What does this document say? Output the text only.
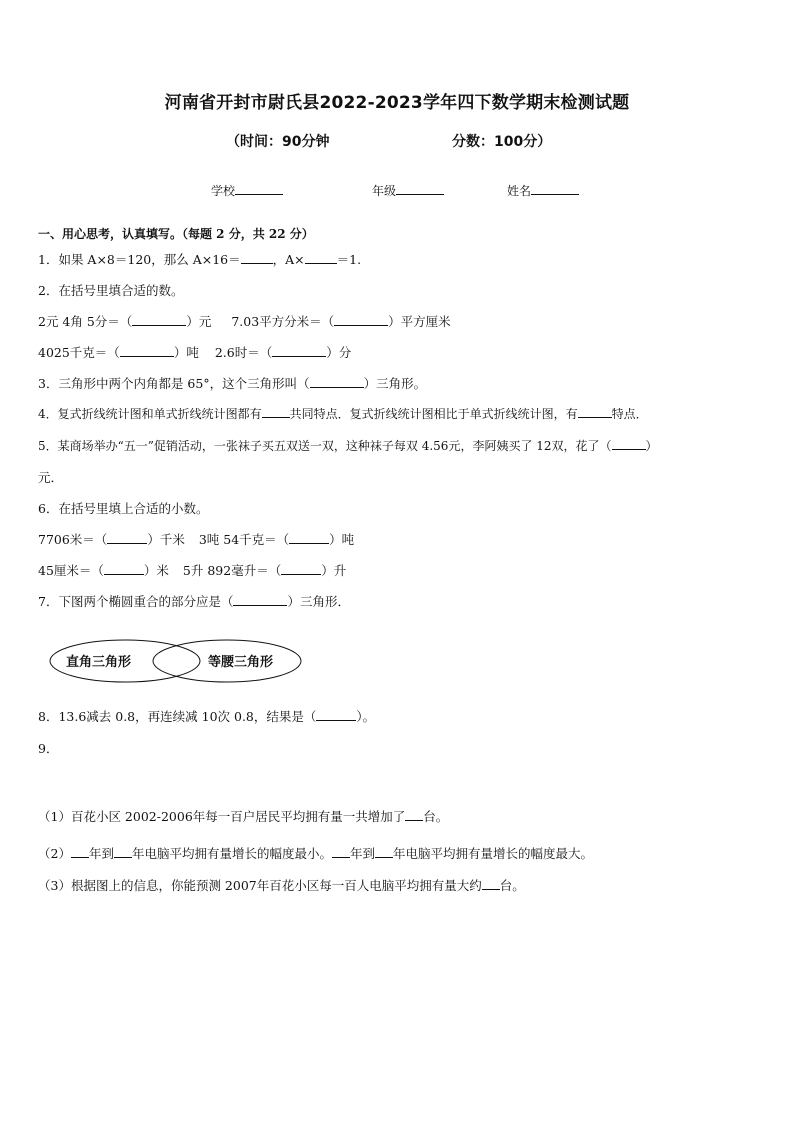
河南省开封市尉氏县2022-2023学年四下数学期末检测试题
（时间：90分钟	分数：100分）
学校	年级	姓名
一、用心思考，认真填写。（每题 2 分，共 22 分）
1．如果 A×8＝120，那么 A×16＝	，A×	＝1.
2．在括号里填合适的数。
2元 4角 5分＝（	）元 7.03平方分米＝（	）平方厘米
4025千克＝（	）吨 2.6时＝（	）分
3．三角形中两个内角都是 65°，这个三角形叫（	）三角形。
4．复式折线统计图和单式折线统计图都有 共同特点．复式折线统计图相比于单式折线统计图，有	特点．
5．某商场举办“五一”促销活动，一张袜子买五双送一双，这种袜子每双 4.56元，李阿姨买了 12双，花了（	）
元．
6．在括号里填上合适的小数。
7706米＝（	）千米 3吨 54千克＝（	）吨
45厘米＝（	）米 5升 892毫升＝（	）升
7．下图两个椭圆重合的部分应是（	）三角形．
直角三角形	等腰三角形
8．13.6减去 0.8，再连续减 10次 0.8，结果是（	）。
9．
（1）百花小区 2002-2006年每一百户居民平均拥有量一共增加了 台。
（2） 年到 年电脑平均拥有量增长的幅度最小。 年到 年电脑平均拥有量增长的幅度最大。
（3）根据图上的信息，你能预测 2007年百花小区每一百人电脑平均拥有量大约 台。
